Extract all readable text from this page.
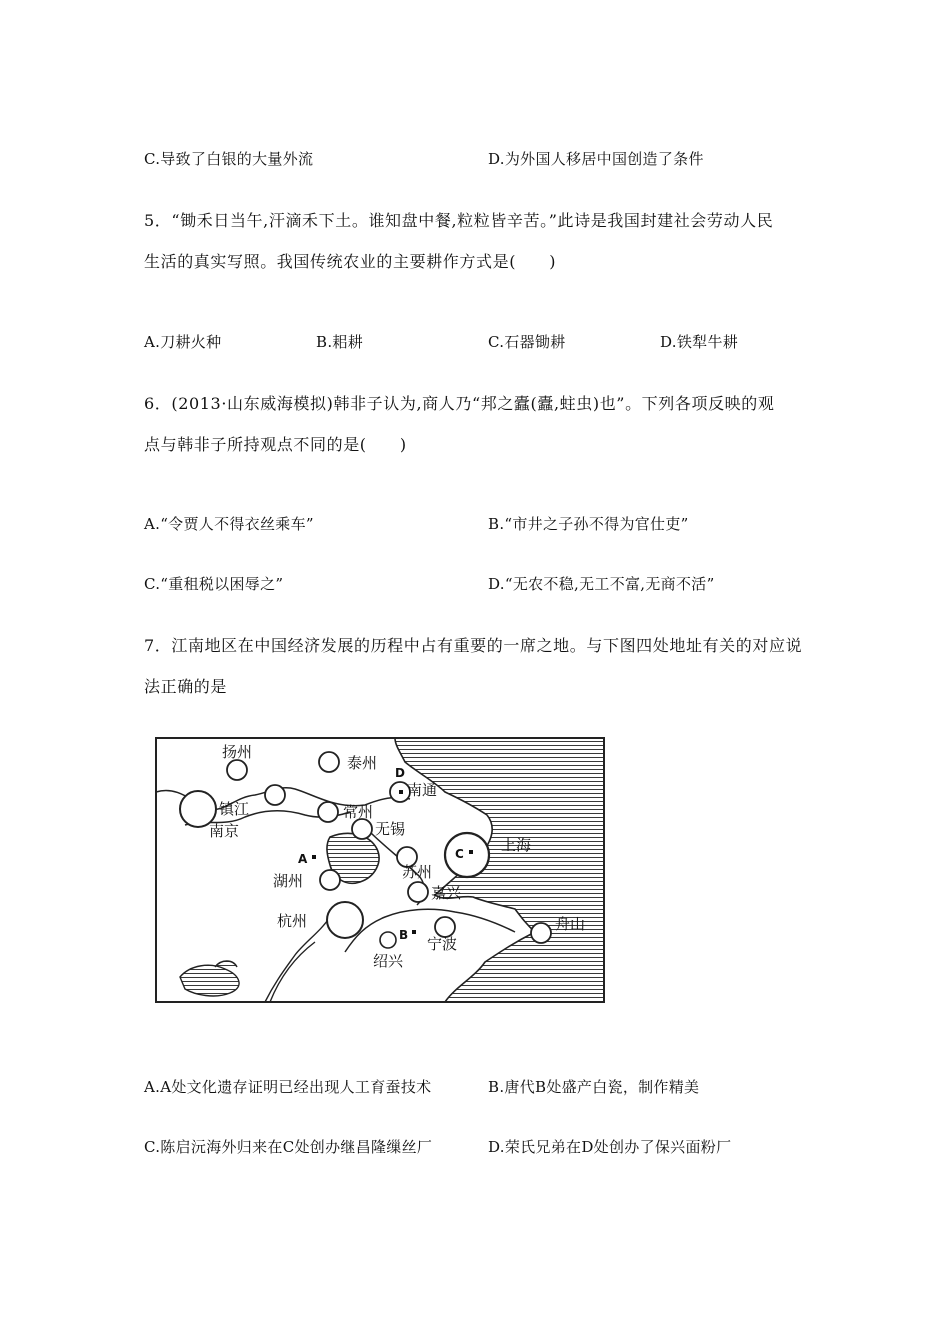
C.导致了白银的大量外流	D.为外国人移居中国创造了条件
5．“锄禾日当午,汗滴禾下土。谁知盘中餐,粒粒皆辛苦。”此诗是我国封建社会劳动人民
生活的真实写照。我国传统农业的主要耕作方式是(　　)
A.刀耕火种	B.耜耕	C.石器锄耕	D.铁犁牛耕
6．(2013·山东威海模拟)韩非子认为,商人乃“邦之蠹(蠹,蛀虫)也”。下列各项反映的观
点与韩非子所持观点不同的是(　　)
A.“令贾人不得衣丝乘车”	B.“市井之子孙不得为官仕吏”
C.“重租税以困辱之”	D.“无农不稳,无工不富,无商不活”
7．江南地区在中国经济发展的历程中占有重要的一席之地。与下图四处地址有关的对应说
法正确的是
扬州
泰州
南通
镇江
南京
常州
无锡
上海
苏州
湖州
嘉兴
杭州
宁波
绍兴
舟山
A
B
C
D
A.A处文化遗存证明已经出现人工育蚕技术	B.唐代B处盛产白瓷，制作精美
C.陈启沅海外归来在C处创办继昌隆缫丝厂	D.荣氏兄弟在D处创办了保兴面粉厂
